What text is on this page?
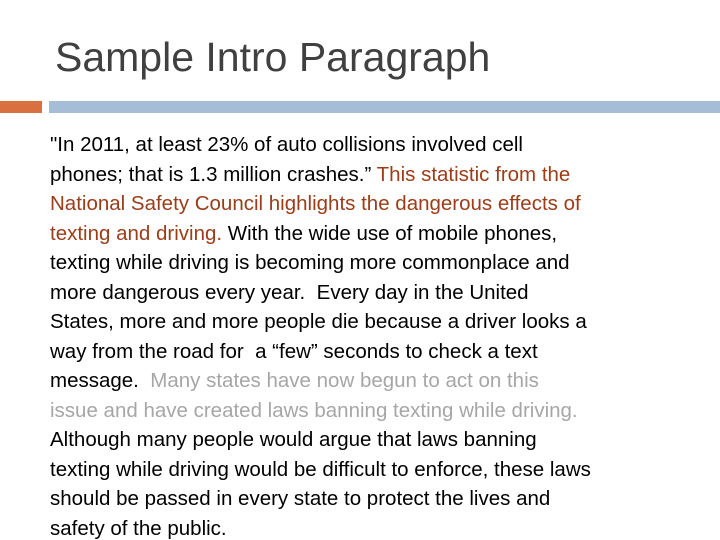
Sample Intro Paragraph

"In 2011, at least 23% of auto collisions involved cell
phones; that is 1.3 million crashes.” This statistic from the
National Safety Council highlights the dangerous effects of
texting and driving. With the wide use of mobile phones,
texting while driving is becoming more commonplace and
more dangerous every year.  Every day in the United
States, more and more people die because a driver looks a
way from the road for  a “few” seconds to check a text
message.  Many states have now begun to act on this
issue and have created laws banning texting while driving.
Although many people would argue that laws banning
texting while driving would be difficult to enforce, these laws
should be passed in every state to protect the lives and
safety of the public.
